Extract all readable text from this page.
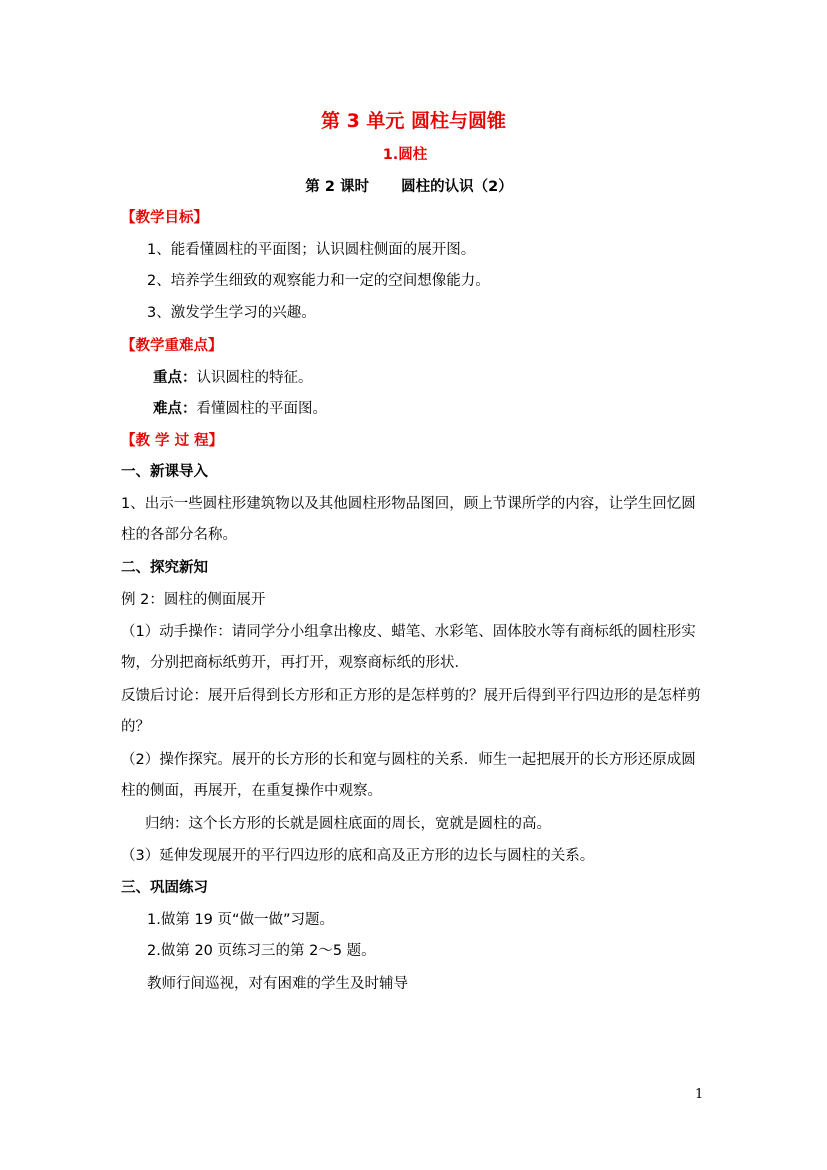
第 3 单元 圆柱与圆锥
1.圆柱
第 2 课时 圆柱的认识（2）
【教学目标】
1、能看懂圆柱的平面图；认识圆柱侧面的展开图。
2、培养学生细致的观察能力和一定的空间想像能力。
3、激发学生学习的兴趣。
【教学重难点】
重点：认识圆柱的特征。
难点：看懂圆柱的平面图。
【教 学 过 程】
一、新课导入
1、出示一些圆柱形建筑物以及其他圆柱形物品图回，顾上节课所学的内容，让学生回忆圆
柱的各部分名称。
二、探究新知
例 2：圆柱的侧面展开
（1）动手操作：请同学分小组拿出橡皮、蜡笔、水彩笔、固体胶水等有商标纸的圆柱形实
物，分别把商标纸剪开，再打开，观察商标纸的形状．
反馈后讨论：展开后得到长方形和正方形的是怎样剪的？展开后得到平行四边形的是怎样剪
的？
（2）操作探究。展开的长方形的长和宽与圆柱的关系．师生一起把展开的长方形还原成圆
柱的侧面，再展开，在重复操作中观察。
归纳：这个长方形的长就是圆柱底面的周长，宽就是圆柱的高。
（3）延伸发现展开的平行四边形的底和高及正方形的边长与圆柱的关系。
三、巩固练习
1.做第 19 页“做一做”习题。
2.做第 20 页练习三的第 2～5 题。
教师行间巡视，对有困难的学生及时辅导
1
